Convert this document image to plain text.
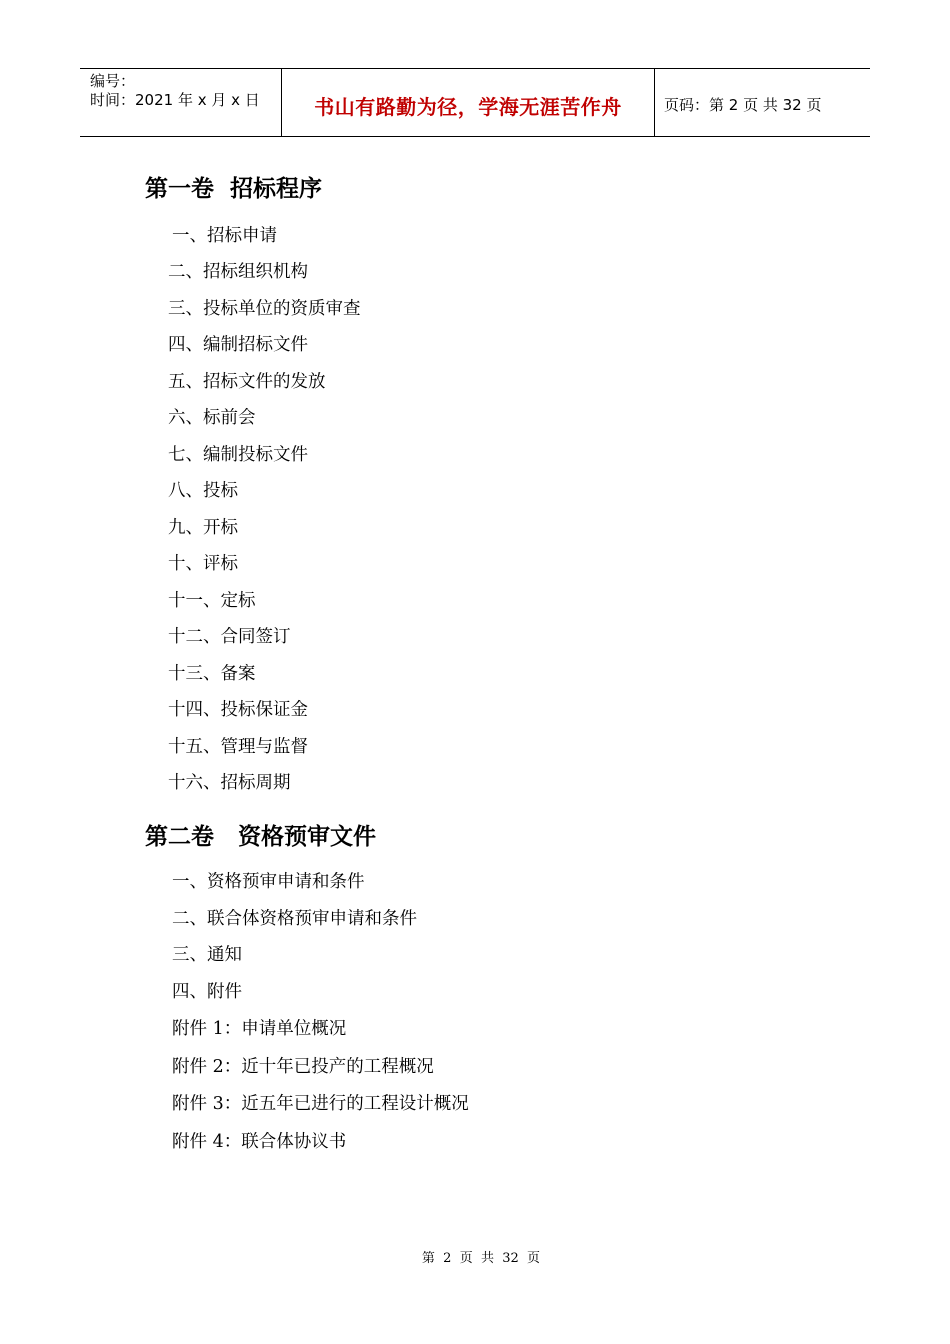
编号：
时间：2021 年 x 月 x 日	书山有路勤为径，学海无涯苦作舟	页码：第 2 页 共 32 页
第一卷  招标程序
一、招标申请
二、招标组织机构
三、投标单位的资质审查
四、编制招标文件
五、招标文件的发放
六、标前会
七、编制投标文件
八、投标
九、开标
十、评标
十一、定标
十二、合同签订
十三、备案
十四、投标保证金
十五、管理与监督
十六、招标周期
第二卷   资格预审文件
一、资格预审申请和条件
二、联合体资格预审申请和条件
三、通知
四、附件
附件 1：申请单位概况
附件 2：近十年已投产的工程概况
附件 3：近五年已进行的工程设计概况
附件 4：联合体协议书
第  2  页  共  32  页
